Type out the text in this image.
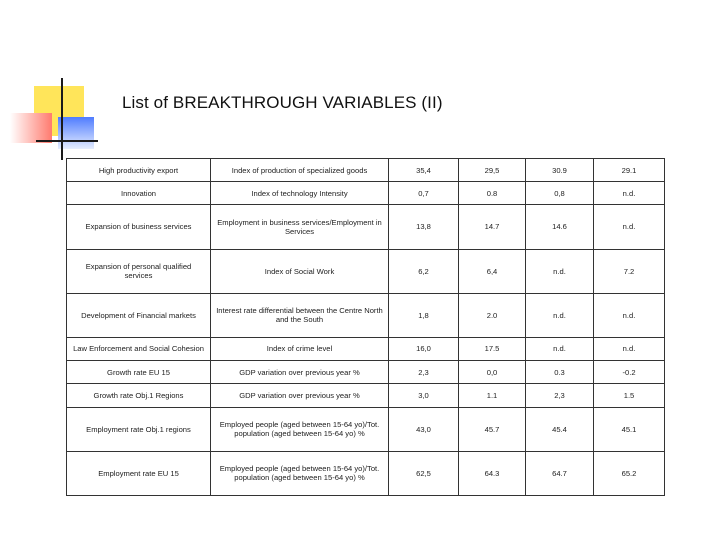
List of BREAKTHROUGH VARIABLES (II)
High productivity export	Index of production of specialized goods	35,4	29,5	30.9	29.1
Innovation	Index of technology Intensity	0,7	0.8	0,8	n.d.
Expansion of business services	Employment in business services/Employment in Services	13,8	14.7	14.6	n.d.
Expansion of personal qualified services	Index of Social Work	6,2	6,4	n.d.	7.2
Development of Financial markets	Interest rate differential between the Centre North and the South	1,8	2.0	n.d.	n.d.
Law Enforcement and Social Cohesion	Index of crime level	16,0	17.5	n.d.	n.d.
Growth rate EU 15	GDP variation over previous year %	2,3	0,0	0.3	-0.2
Growth rate Obj.1 Regions	GDP variation over previous year %	3,0	1.1	2,3	1.5
Employment rate Obj.1 regions	Employed people (aged between 15-64 yo)/Tot. population (aged between 15-64 yo) %	43,0	45.7	45.4	45.1
Employment rate EU 15	Employed people (aged between 15-64 yo)/Tot. population (aged between 15-64 yo) %	62,5	64.3	64.7	65.2
